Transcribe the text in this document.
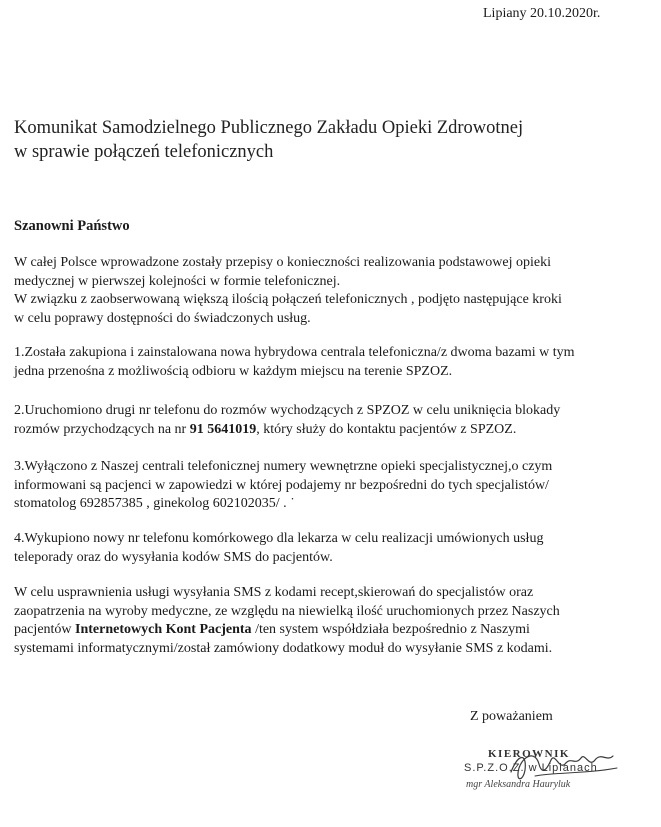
Lipiany 20.10.2020r.
Komunikat Samodzielnego Publicznego Zakładu Opieki Zdrowotnej
w sprawie połączeń telefonicznych
Szanowni Państwo
W całej Polsce wprowadzone zostały przepisy o konieczności realizowania podstawowej opieki
medycznej w pierwszej kolejności w formie telefonicznej.
W związku z zaobserwowaną większą ilością połączeń telefonicznych , podjęto następujące kroki
w celu poprawy dostępności do świadczonych usług.
1.Została zakupiona i zainstalowana nowa hybrydowa centrala telefoniczna/z dwoma bazami w tym
jedna przenośna z możliwością odbioru w każdym miejscu na terenie SPZOZ.
2.Uruchomiono drugi nr telefonu do rozmów wychodzących z SPZOZ w celu uniknięcia blokady
rozmów przychodzących na nr 91 5641019, który służy do kontaktu pacjentów z SPZOZ.
3.Wyłączono z Naszej centrali telefonicznej numery wewnętrzne opieki specjalistycznej,o czym
informowani są pacjenci w zapowiedzi w której podajemy nr bezpośredni do tych specjalistów/
stomatolog 692857385 , ginekolog 602102035/ . ˙
4.Wykupiono nowy nr telefonu komórkowego dla lekarza w celu realizacji umówionych usług
teleporady oraz do wysyłania kodów SMS do pacjentów.
W celu usprawnienia usługi wysyłania SMS z kodami recept,skierowań do specjalistów oraz
zaopatrzenia na wyroby medyczne, ze względu na niewielką ilość uruchomionych przez Naszych
pacjentów Internetowych Kont Pacjenta /ten system współdziała bezpośrednio z Naszymi
systemami informatycznymi/został zamówiony dodatkowy moduł do wysyłanie SMS z kodami.
Z poważaniem
KIEROWNIK
S.P.Z.O.Z. w Lipianach
mgr Aleksandra Hauryluk
